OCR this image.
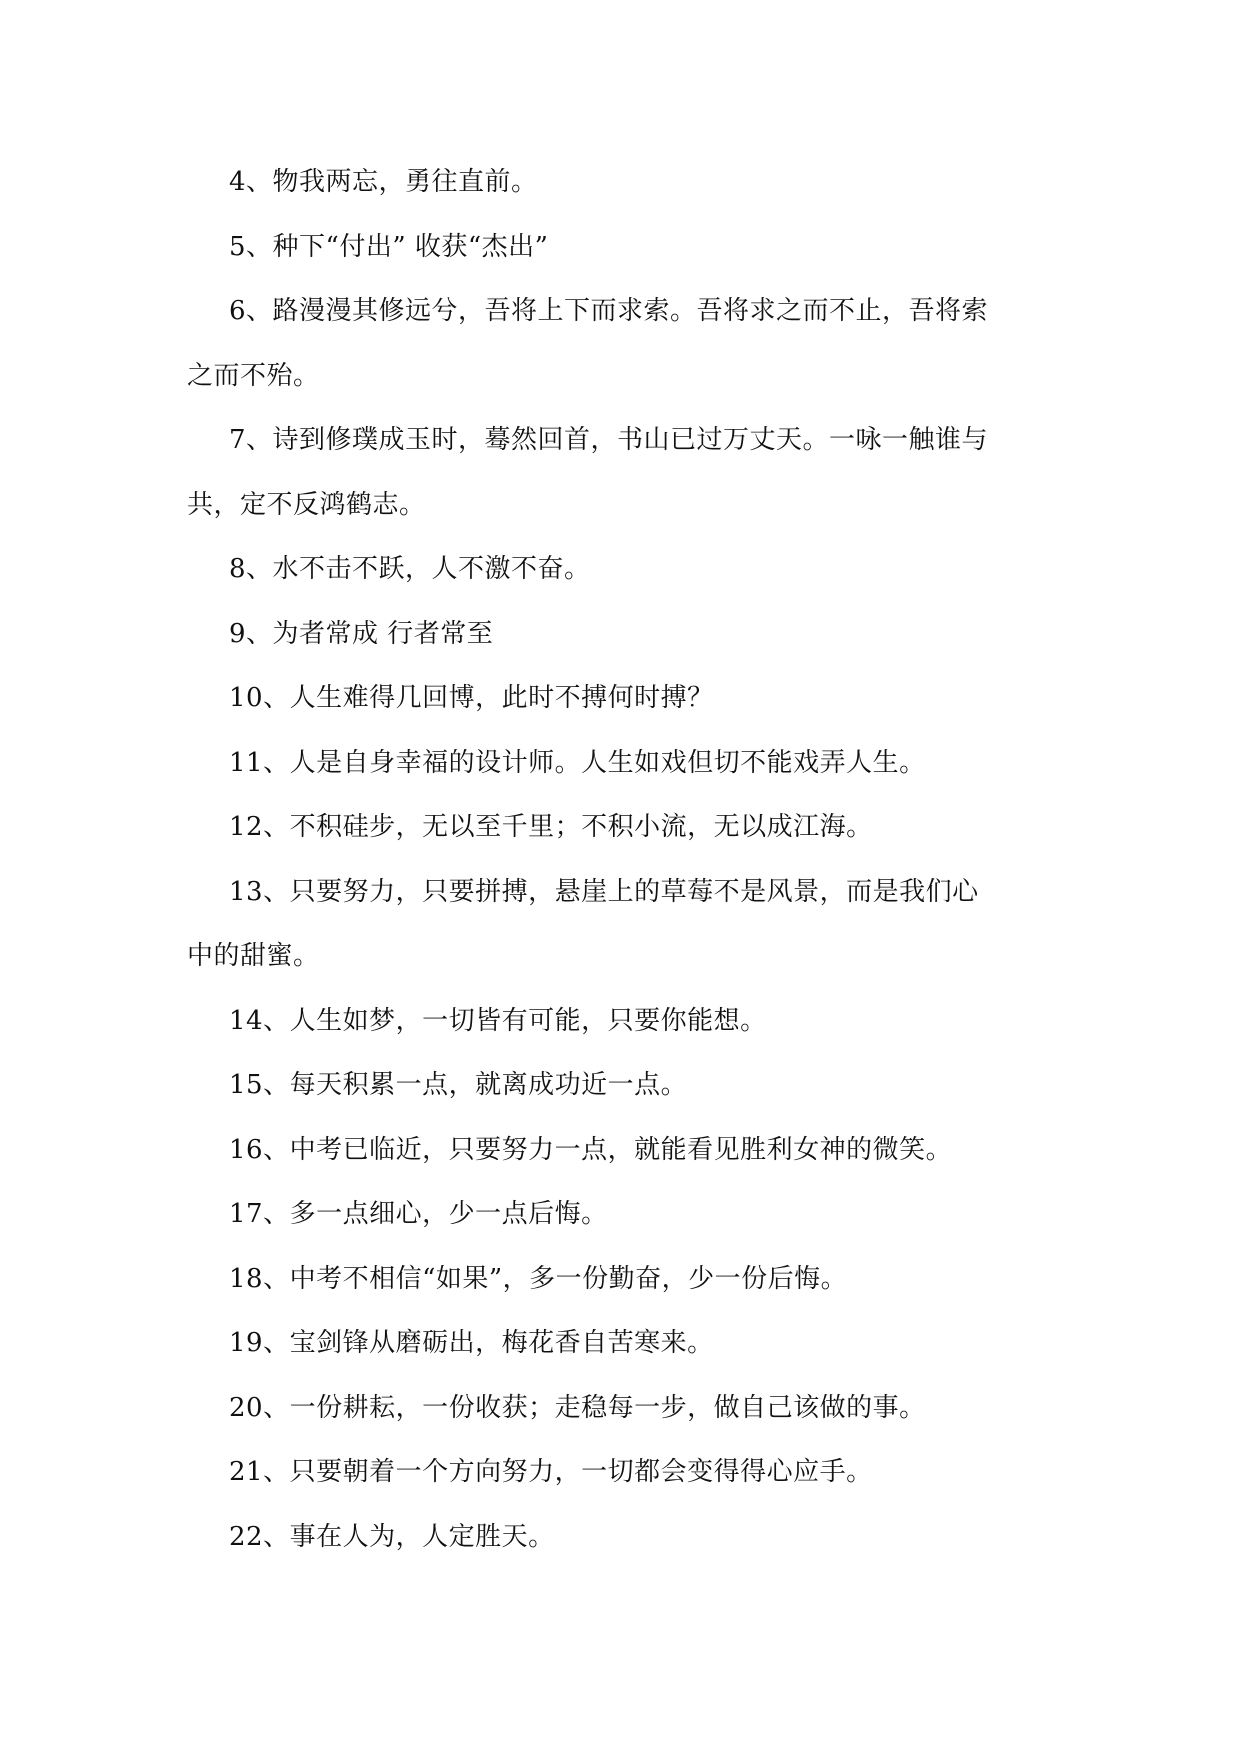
4、物我两忘，勇往直前。

5、种下“付出” 收获“杰出”

6、路漫漫其修远兮，吾将上下而求索。吾将求之而不止，吾将索
之而不殆。

7、诗到修璞成玉时，蓦然回首，书山已过万丈天。一咏一触谁与
共，定不反鸿鹤志。

8、水不击不跃，人不激不奋。

9、为者常成 行者常至

10、人生难得几回博，此时不搏何时搏？

11、人是自身幸福的设计师。人生如戏但切不能戏弄人生。

12、不积硅步，无以至千里；不积小流，无以成江海。

13、只要努力，只要拼搏，悬崖上的草莓不是风景，而是我们心
中的甜蜜。

14、人生如梦，一切皆有可能，只要你能想。

15、每天积累一点，就离成功近一点。

16、中考已临近，只要努力一点，就能看见胜利女神的微笑。

17、多一点细心，少一点后悔。

18、中考不相信“如果”，多一份勤奋，少一份后悔。

19、宝剑锋从磨砺出，梅花香自苦寒来。

20、一份耕耘，一份收获；走稳每一步，做自己该做的事。

21、只要朝着一个方向努力，一切都会变得得心应手。

22、事在人为，人定胜天。
